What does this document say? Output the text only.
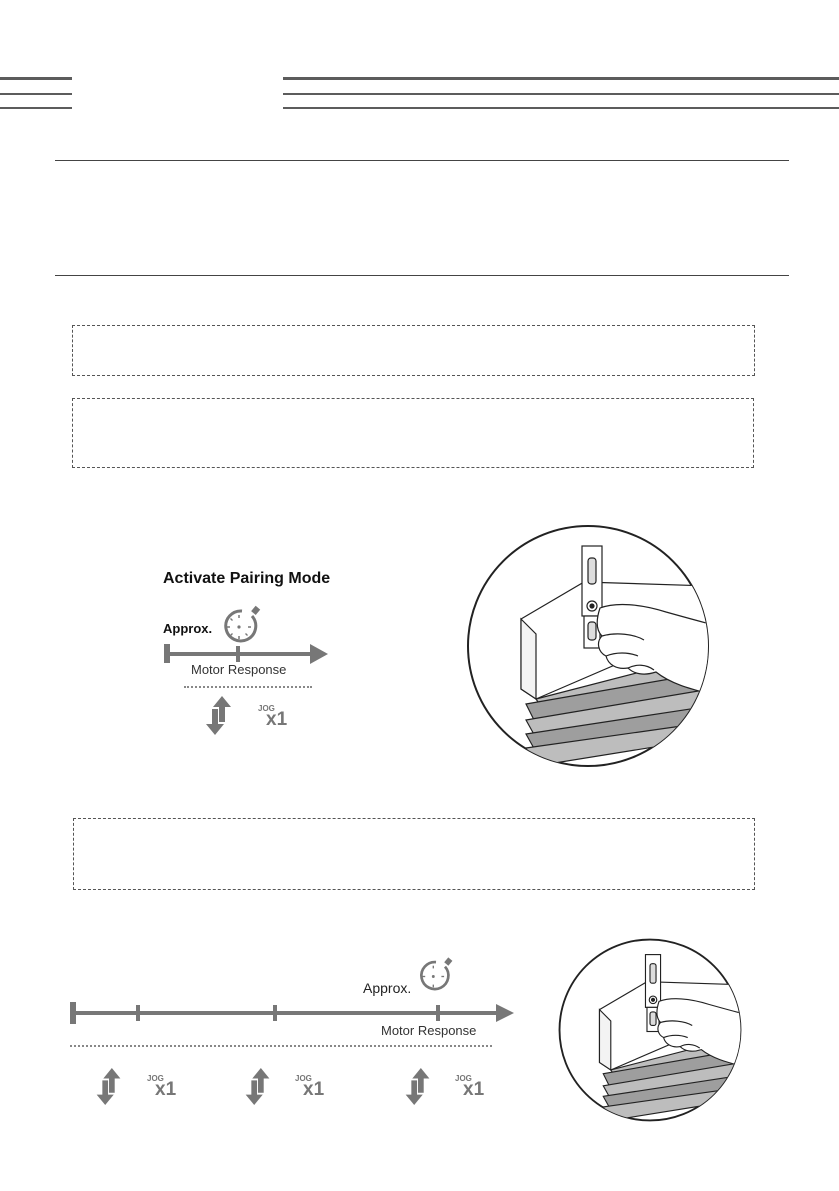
Activate Pairing Mode
Approx.
Motor Response
JOG
x1
Approx.
Motor Response
JOG
x1
JOG
x1
JOG
x1
